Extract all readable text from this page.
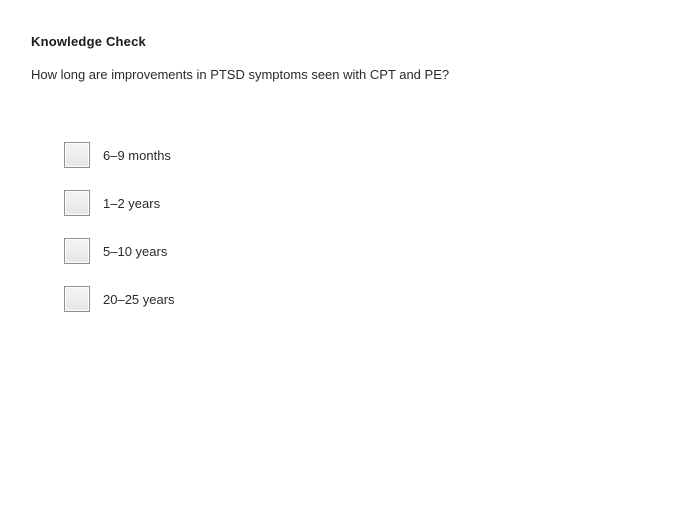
Knowledge Check
How long are improvements in PTSD symptoms seen with CPT and PE?
6–9 months
1–2 years
5–10 years
20–25 years
